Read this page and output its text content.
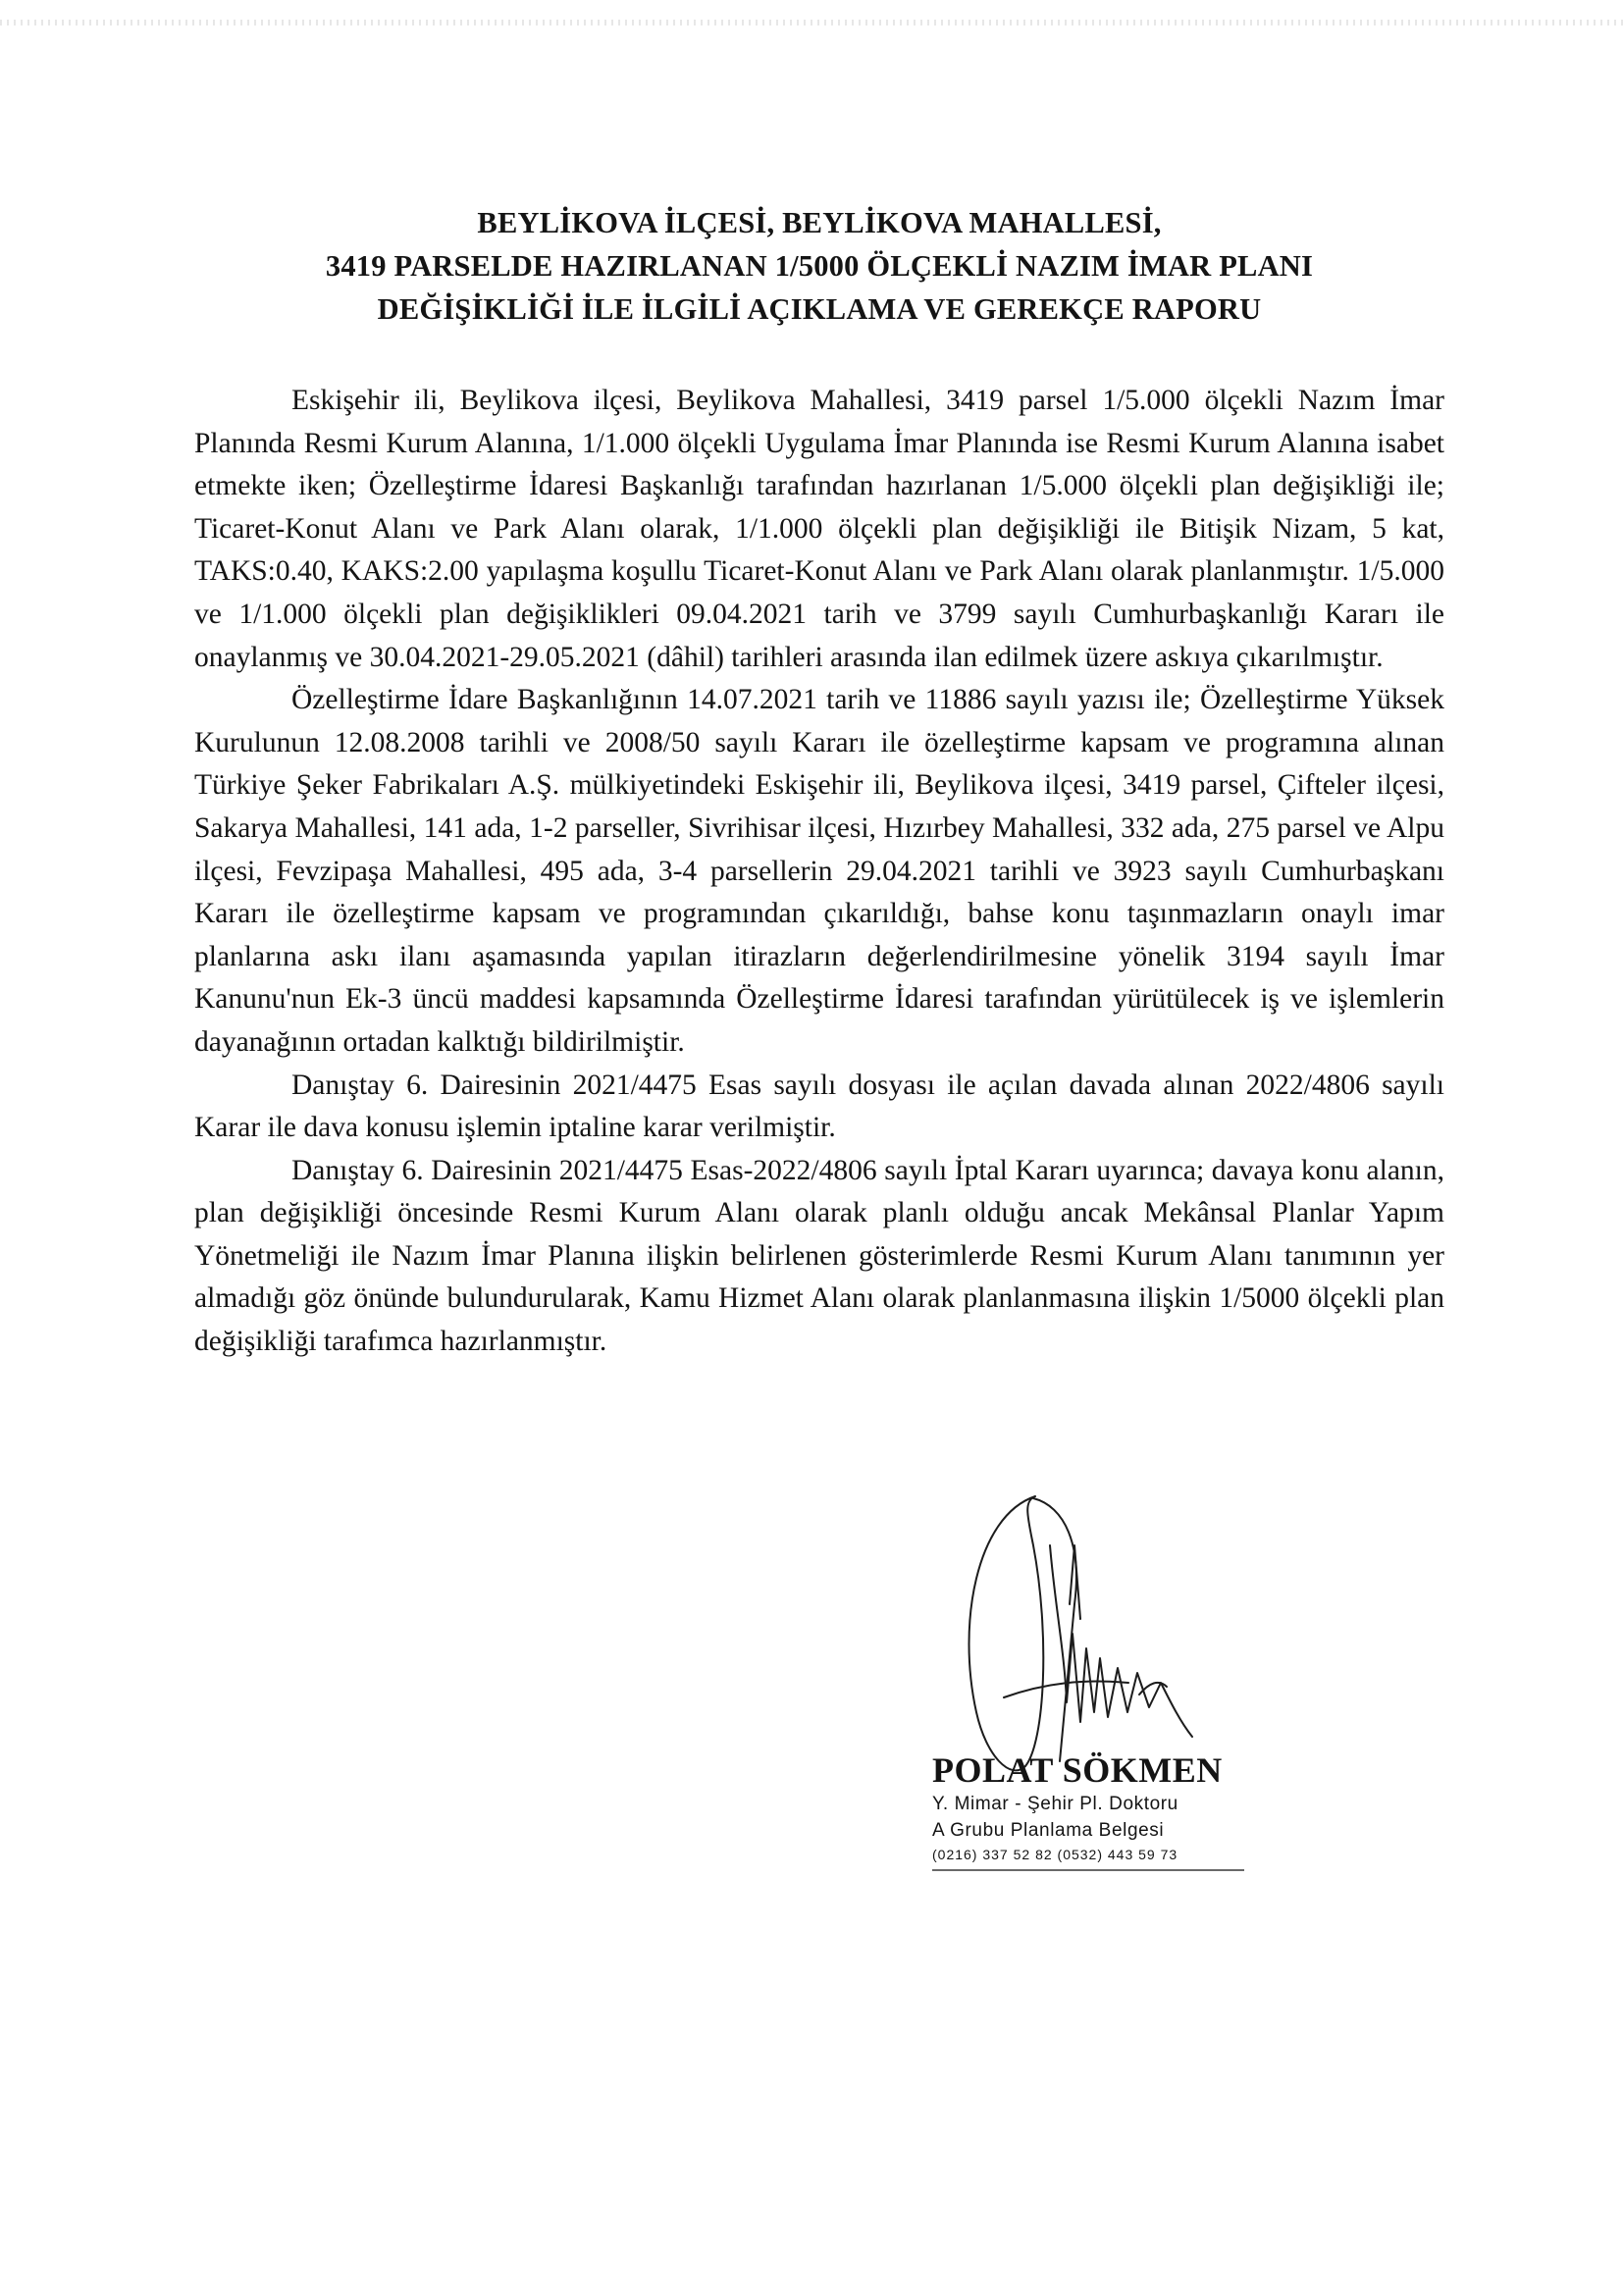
BEYLİKOVA İLÇESİ, BEYLİKOVA MAHALLESİ,
3419 PARSELDE HAZIRLANAN 1/5000 ÖLÇEKLİ NAZIM İMAR PLANI
DEĞİŞİKLİĞİ İLE İLGİLİ AÇIKLAMA VE GEREKÇE RAPORU

Eskişehir ili, Beylikova ilçesi, Beylikova Mahallesi, 3419 parsel 1/5.000 ölçekli Nazım İmar Planında Resmi Kurum Alanına, 1/1.000 ölçekli Uygulama İmar Planında ise Resmi Kurum Alanına isabet etmekte iken; Özelleştirme İdaresi Başkanlığı tarafından hazırlanan 1/5.000 ölçekli plan değişikliği ile; Ticaret-Konut Alanı ve Park Alanı olarak, 1/1.000 ölçekli plan değişikliği ile Bitişik Nizam, 5 kat, TAKS:0.40, KAKS:2.00 yapılaşma koşullu Ticaret-Konut Alanı ve Park Alanı olarak planlanmıştır. 1/5.000 ve 1/1.000 ölçekli plan değişiklikleri 09.04.2021 tarih ve 3799 sayılı Cumhurbaşkanlığı Kararı ile onaylanmış ve 30.04.2021-29.05.2021 (dâhil) tarihleri arasında ilan edilmek üzere askıya çıkarılmıştır.

Özelleştirme İdare Başkanlığının 14.07.2021 tarih ve 11886 sayılı yazısı ile; Özelleştirme Yüksek Kurulunun 12.08.2008 tarihli ve 2008/50 sayılı Kararı ile özelleştirme kapsam ve programına alınan Türkiye Şeker Fabrikaları A.Ş. mülkiyetindeki Eskişehir ili, Beylikova ilçesi, 3419 parsel, Çifteler ilçesi, Sakarya Mahallesi, 141 ada, 1-2 parseller, Sivrihisar ilçesi, Hızırbey Mahallesi, 332 ada, 275 parsel ve Alpu ilçesi, Fevzipaşa Mahallesi, 495 ada, 3-4 parsellerin 29.04.2021 tarihli ve 3923 sayılı Cumhurbaşkanı Kararı ile özelleştirme kapsam ve programından çıkarıldığı, bahse konu taşınmazların onaylı imar planlarına askı ilanı aşamasında yapılan itirazların değerlendirilmesine yönelik 3194 sayılı İmar Kanunu'nun Ek-3 üncü maddesi kapsamında Özelleştirme İdaresi tarafından yürütülecek iş ve işlemlerin dayanağının ortadan kalktığı bildirilmiştir.

Danıştay 6. Dairesinin 2021/4475 Esas sayılı dosyası ile açılan davada alınan 2022/4806 sayılı Karar ile dava konusu işlemin iptaline karar verilmiştir.

Danıştay 6. Dairesinin 2021/4475 Esas-2022/4806 sayılı İptal Kararı uyarınca; davaya konu alanın, plan değişikliği öncesinde Resmi Kurum Alanı olarak planlı olduğu ancak Mekânsal Planlar Yapım Yönetmeliği ile Nazım İmar Planına ilişkin belirlenen gösterimlerde Resmi Kurum Alanı tanımının yer almadığı göz önünde bulundurularak, Kamu Hizmet Alanı olarak planlanmasına ilişkin 1/5000 ölçekli plan değişikliği tarafımca hazırlanmıştır.

POLAT SÖKMEN
Y. Mimar - Şehir Pl. Doktoru
A Grubu Planlama Belgesi
(0216) 337 52 82 (0532) 443 59 73
